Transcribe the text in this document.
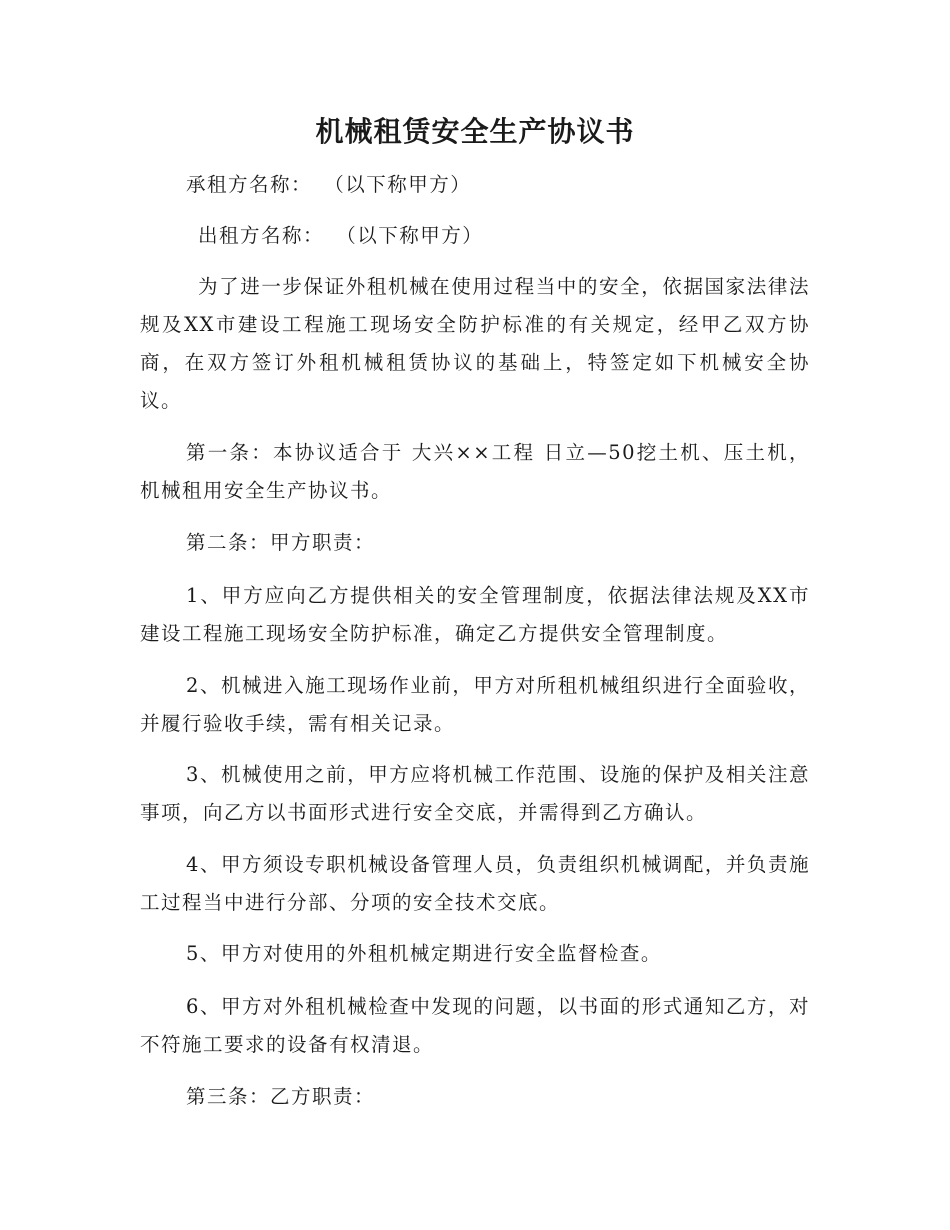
机械租赁安全生产协议书
承租方名称： （以下称甲方）
出租方名称： （以下称甲方）

为了进一步保证外租机械在使用过程当中的安全，依据国家法律法规及XX市建设工程施工现场安全防护标准的有关规定，经甲乙双方协商，在双方签订外租机械租赁协议的基础上，特签定如下机械安全协议。

第一条：本协议适合于 大兴××工程 日立—50挖土机、压土机，机械租用安全生产协议书。

第二条：甲方职责：

1、甲方应向乙方提供相关的安全管理制度，依据法律法规及XX市建设工程施工现场安全防护标准，确定乙方提供安全管理制度。

2、机械进入施工现场作业前，甲方对所租机械组织进行全面验收，并履行验收手续，需有相关记录。

3、机械使用之前，甲方应将机械工作范围、设施的保护及相关注意事项，向乙方以书面形式进行安全交底，并需得到乙方确认。

4、甲方须设专职机械设备管理人员，负责组织机械调配，并负责施工过程当中进行分部、分项的安全技术交底。

5、甲方对使用的外租机械定期进行安全监督检查。

6、甲方对外租机械检查中发现的问题，以书面的形式通知乙方，对不符施工要求的设备有权清退。

第三条：乙方职责：
